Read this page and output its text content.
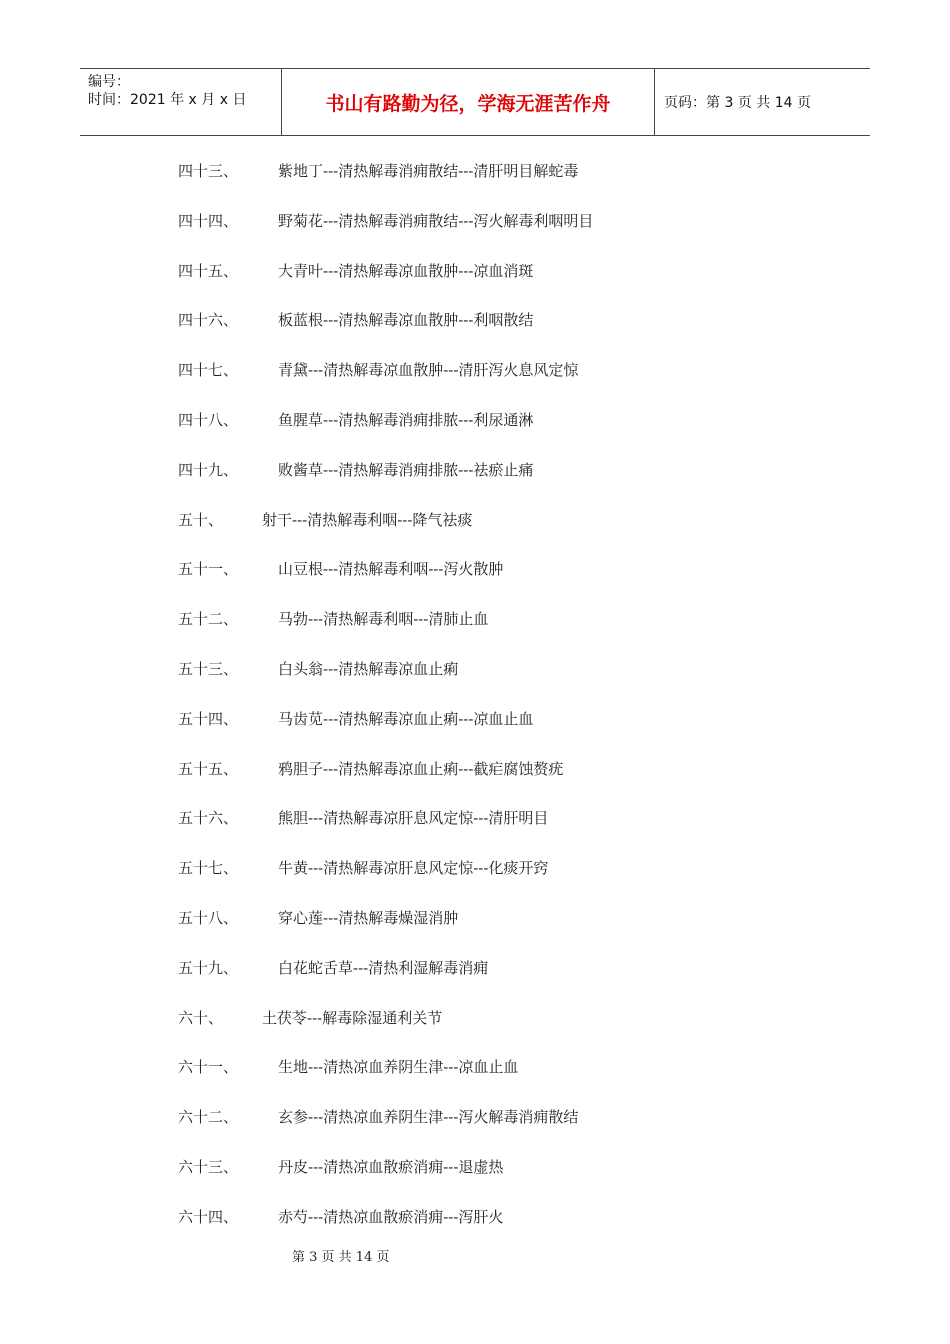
编号：
时间：2021 年 x 月 x 日	书山有路勤为径，学海无涯苦作舟	页码：第 3 页 共 14 页
四十三、	紫地丁---清热解毒消痈散结---清肝明目解蛇毒
四十四、	野菊花---清热解毒消痈散结---泻火解毒利咽明目
四十五、	大青叶---清热解毒凉血散肿---凉血消斑
四十六、	板蓝根---清热解毒凉血散肿---利咽散结
四十七、	青黛---清热解毒凉血散肿---清肝泻火息风定惊
四十八、	鱼腥草---清热解毒消痈排脓---利尿通淋
四十九、	败酱草---清热解毒消痈排脓---祛瘀止痛
五十、	射干---清热解毒利咽---降气祛痰
五十一、	山豆根---清热解毒利咽---泻火散肿
五十二、	马勃---清热解毒利咽---清肺止血
五十三、	白头翁---清热解毒凉血止痢
五十四、	马齿苋---清热解毒凉血止痢---凉血止血
五十五、	鸦胆子---清热解毒凉血止痢---截疟腐蚀赘疣
五十六、	熊胆---清热解毒凉肝息风定惊---清肝明目
五十七、	牛黄---清热解毒凉肝息风定惊---化痰开窍
五十八、	穿心莲---清热解毒燥湿消肿
五十九、	白花蛇舌草---清热利湿解毒消痈
六十、	土茯苓---解毒除湿通利关节
六十一、	生地---清热凉血养阴生津---凉血止血
六十二、	玄参---清热凉血养阴生津---泻火解毒消痈散结
六十三、	丹皮---清热凉血散瘀消痈---退虚热
六十四、	赤芍---清热凉血散瘀消痈---泻肝火
第 3 页 共 14 页
